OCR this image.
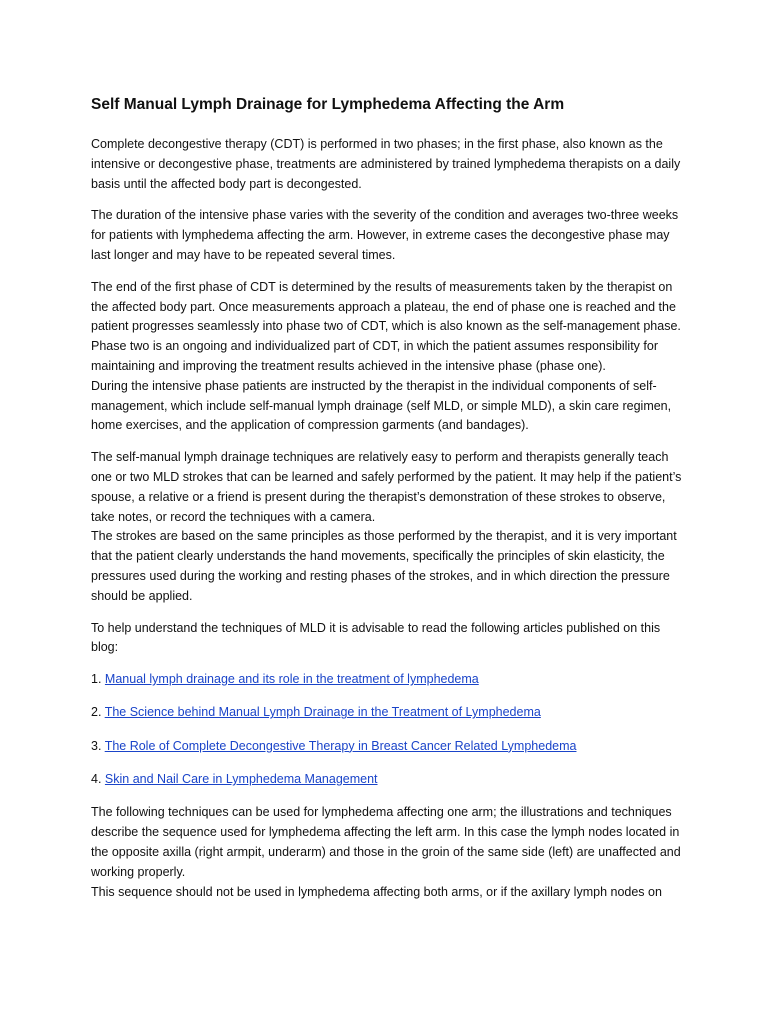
Self Manual Lymph Drainage for Lymphedema Affecting the Arm

Complete decongestive therapy (CDT) is performed in two phases; in the first phase, also known as the intensive or decongestive phase, treatments are administered by trained lymphedema therapists on a daily basis until the affected body part is decongested.

The duration of the intensive phase varies with the severity of the condition and averages two-three weeks for patients with lymphedema affecting the arm. However, in extreme cases the decongestive phase may last longer and may have to be repeated several times.

The end of the first phase of CDT is determined by the results of measurements taken by the therapist on the affected body part. Once measurements approach a plateau, the end of phase one is reached and the patient progresses seamlessly into phase two of CDT, which is also known as the self-management phase.

Phase two is an ongoing and individualized part of CDT, in which the patient assumes responsibility for maintaining and improving the treatment results achieved in the intensive phase (phase one).

During the intensive phase patients are instructed by the therapist in the individual components of self-management, which include self-manual lymph drainage (self MLD, or simple MLD), a skin care regimen, home exercises, and the application of compression garments (and bandages).

The self-manual lymph drainage techniques are relatively easy to perform and therapists generally teach one or two MLD strokes that can be learned and safely performed by the patient. It may help if the patient’s spouse, a relative or a friend is present during the therapist’s demonstration of these strokes to observe, take notes, or record the techniques with a camera.

The strokes are based on the same principles as those performed by the therapist, and it is very important that the patient clearly understands the hand movements, specifically the principles of skin elasticity, the pressures used during the working and resting phases of the strokes, and in which direction the pressure should be applied.

To help understand the techniques of MLD it is advisable to read the following articles published on this blog:

1. Manual lymph drainage and its role in the treatment of lymphedema
2. The Science behind Manual Lymph Drainage in the Treatment of Lymphedema
3. The Role of Complete Decongestive Therapy in Breast Cancer Related Lymphedema
4. Skin and Nail Care in Lymphedema Management

The following techniques can be used for lymphedema affecting one arm; the illustrations and techniques describe the sequence used for lymphedema affecting the left arm. In this case the lymph nodes located in the opposite axilla (right armpit, underarm) and those in the groin of the same side (left) are unaffected and working properly.

This sequence should not be used in lymphedema affecting both arms, or if the axillary lymph nodes on
